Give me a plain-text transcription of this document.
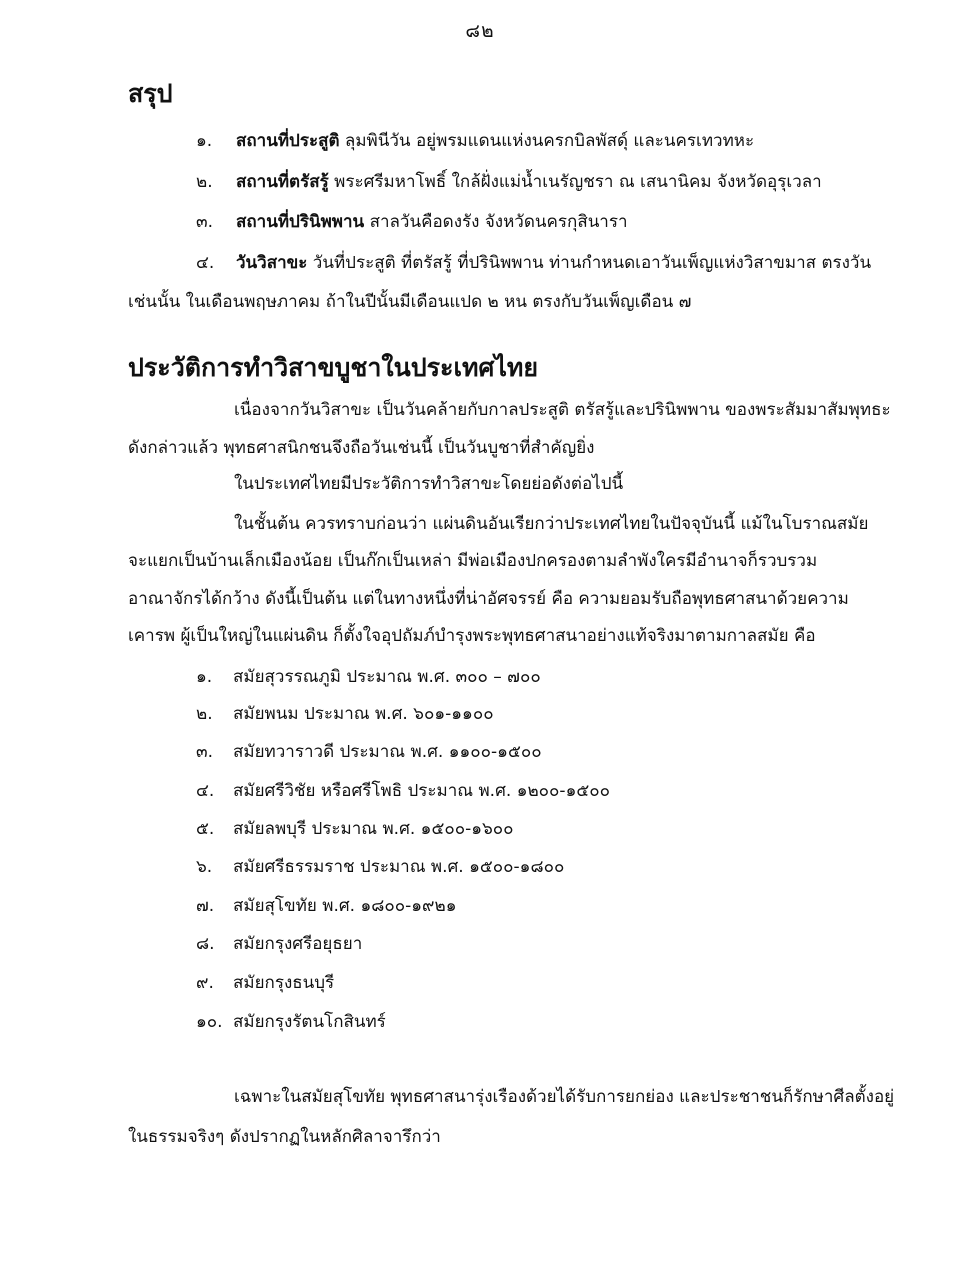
๘๒
สรุป
๑. สถานที่ประสูติ ลุมพินีวัน อยู่พรมแดนแห่งนครกบิลพัสดุ์ และนครเทวทหะ
๒. สถานที่ตรัสรู้ พระศรีมหาโพธิ์ ใกล้ฝั่งแม่น้ำเนรัญชรา ณ เสนานิคม จังหวัดอุรุเวลา
๓. สถานที่ปรินิพพาน สาลวันคือดงรัง จังหวัดนครกุสินารา
๔. วันวิสาขะ วันที่ประสูติ ที่ตรัสรู้ ที่ปรินิพพาน ท่านกำหนดเอาวันเพ็ญแห่งวิสาขมาส ตรงวัน
เช่นนั้น ในเดือนพฤษภาคม ถ้าในปีนั้นมีเดือนแปด ๒ หน ตรงกับวันเพ็ญเดือน ๗
ประวัติการทำวิสาขบูชาในประเทศไทย
เนื่องจากวันวิสาขะ เป็นวันคล้ายกับกาลประสูติ ตรัสรู้และปรินิพพาน ของพระสัมมาสัมพุทธะ
ดังกล่าวแล้ว พุทธศาสนิกชนจึงถือวันเช่นนี้ เป็นวันบูชาที่สำคัญยิ่ง
ในประเทศไทยมีประวัติการทำวิสาขะโดยย่อดังต่อไปนี้
ในชั้นต้น ควรทราบก่อนว่า แผ่นดินอันเรียกว่าประเทศไทยในปัจจุบันนี้ แม้ในโบราณสมัย
จะแยกเป็นบ้านเล็กเมืองน้อย เป็นก๊กเป็นเหล่า มีพ่อเมืองปกครองตามลำพังใครมีอำนาจก็รวบรวม
อาณาจักรได้กว้าง ดังนี้เป็นต้น แต่ในทางหนึ่งที่น่าอัศจรรย์ คือ ความยอมรับถือพุทธศาสนาด้วยความ
เคารพ ผู้เป็นใหญ่ในแผ่นดิน ก็ตั้งใจอุปถัมภ์บำรุงพระพุทธศาสนาอย่างแท้จริงมาตามกาลสมัย คือ
๑. สมัยสุวรรณภูมิ ประมาณ พ.ศ. ๓๐๐ – ๗๐๐
๒. สมัยพนม ประมาณ พ.ศ. ๖๐๑-๑๑๐๐
๓. สมัยทวาราวดี ประมาณ พ.ศ. ๑๑๐๐-๑๕๐๐
๔. สมัยศรีวิชัย หรือศรีโพธิ ประมาณ พ.ศ. ๑๒๐๐-๑๕๐๐
๕. สมัยลพบุรี ประมาณ พ.ศ. ๑๕๐๐-๑๖๐๐
๖. สมัยศรีธรรมราช ประมาณ พ.ศ. ๑๕๐๐-๑๘๐๐
๗. สมัยสุโขทัย พ.ศ. ๑๘๐๐-๑๙๒๑
๘. สมัยกรุงศรีอยุธยา
๙. สมัยกรุงธนบุรี
๑๐. สมัยกรุงรัตนโกสินทร์
เฉพาะในสมัยสุโขทัย พุทธศาสนารุ่งเรืองด้วยได้รับการยกย่อง และประชาชนก็รักษาศีลตั้งอยู่
ในธรรมจริงๆ ดังปรากฏในหลักศิลาจารึกว่า
